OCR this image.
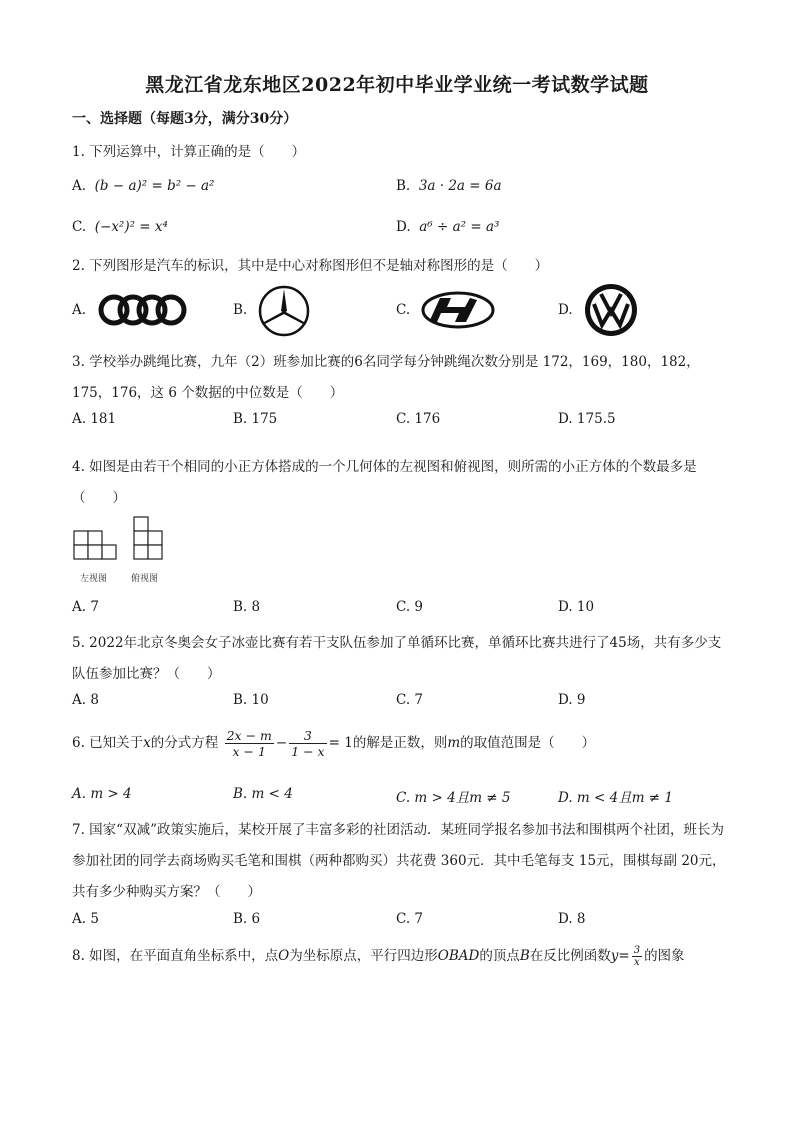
黑龙江省龙东地区2022年初中毕业学业统一考试数学试题
一、选择题（每题3分，满分30分）
1. 下列运算中，计算正确的是（　　）
A. (b − a)² = b² − a²	B. 3a · 2a = 6a
C. (−x²)² = x⁴	D. a⁶ ÷ a² = a³
2. 下列图形是汽车的标识，其中是中心对称图形但不是轴对称图形的是（　　）
A.	B.	C.	D.
3. 学校举办跳绳比赛，九年（2）班参加比赛的6名同学每分钟跳绳次数分别是 172，169，180，182，175，176，这 6 个数据的中位数是（　　）
A. 181	B. 175	C. 176	D. 175.5
4. 如图是由若干个相同的小正方体搭成的一个几何体的左视图和俯视图，则所需的小正方体的个数最多是（　　）
左视图	俯视图
A. 7	B. 8	C. 9	D. 10
5. 2022年北京冬奥会女子冰壶比赛有若干支队伍参加了单循环比赛，单循环比赛共进行了45场，共有多少支队伍参加比赛？（　　）
A. 8	B. 10	C. 7	D. 9
6. 已知关于x的分式方程 $\frac{2x - m}{x - 1} - \frac{3}{1 - x} = 1$的解是正数，则m的取值范围是（　　）
A. m > 4	B. m < 4	C. m > 4且m ≠ 5	D. m < 4且m ≠ 1
7. 国家“双减”政策实施后，某校开展了丰富多彩的社团活动．某班同学报名参加书法和围棋两个社团，班长为参加社团的同学去商场购买毛笔和围棋（两种都购买）共花费 360元．其中毛笔每支 15元，围棋每副 20元，共有多少种购买方案？（　　）
A. 5	B. 6	C. 7	D. 8
8. 如图，在平面直角坐标系中，点O为坐标原点，平行四边形OBAD的顶点B在反比例函数$y= \frac{3}{x}$ 的图象
